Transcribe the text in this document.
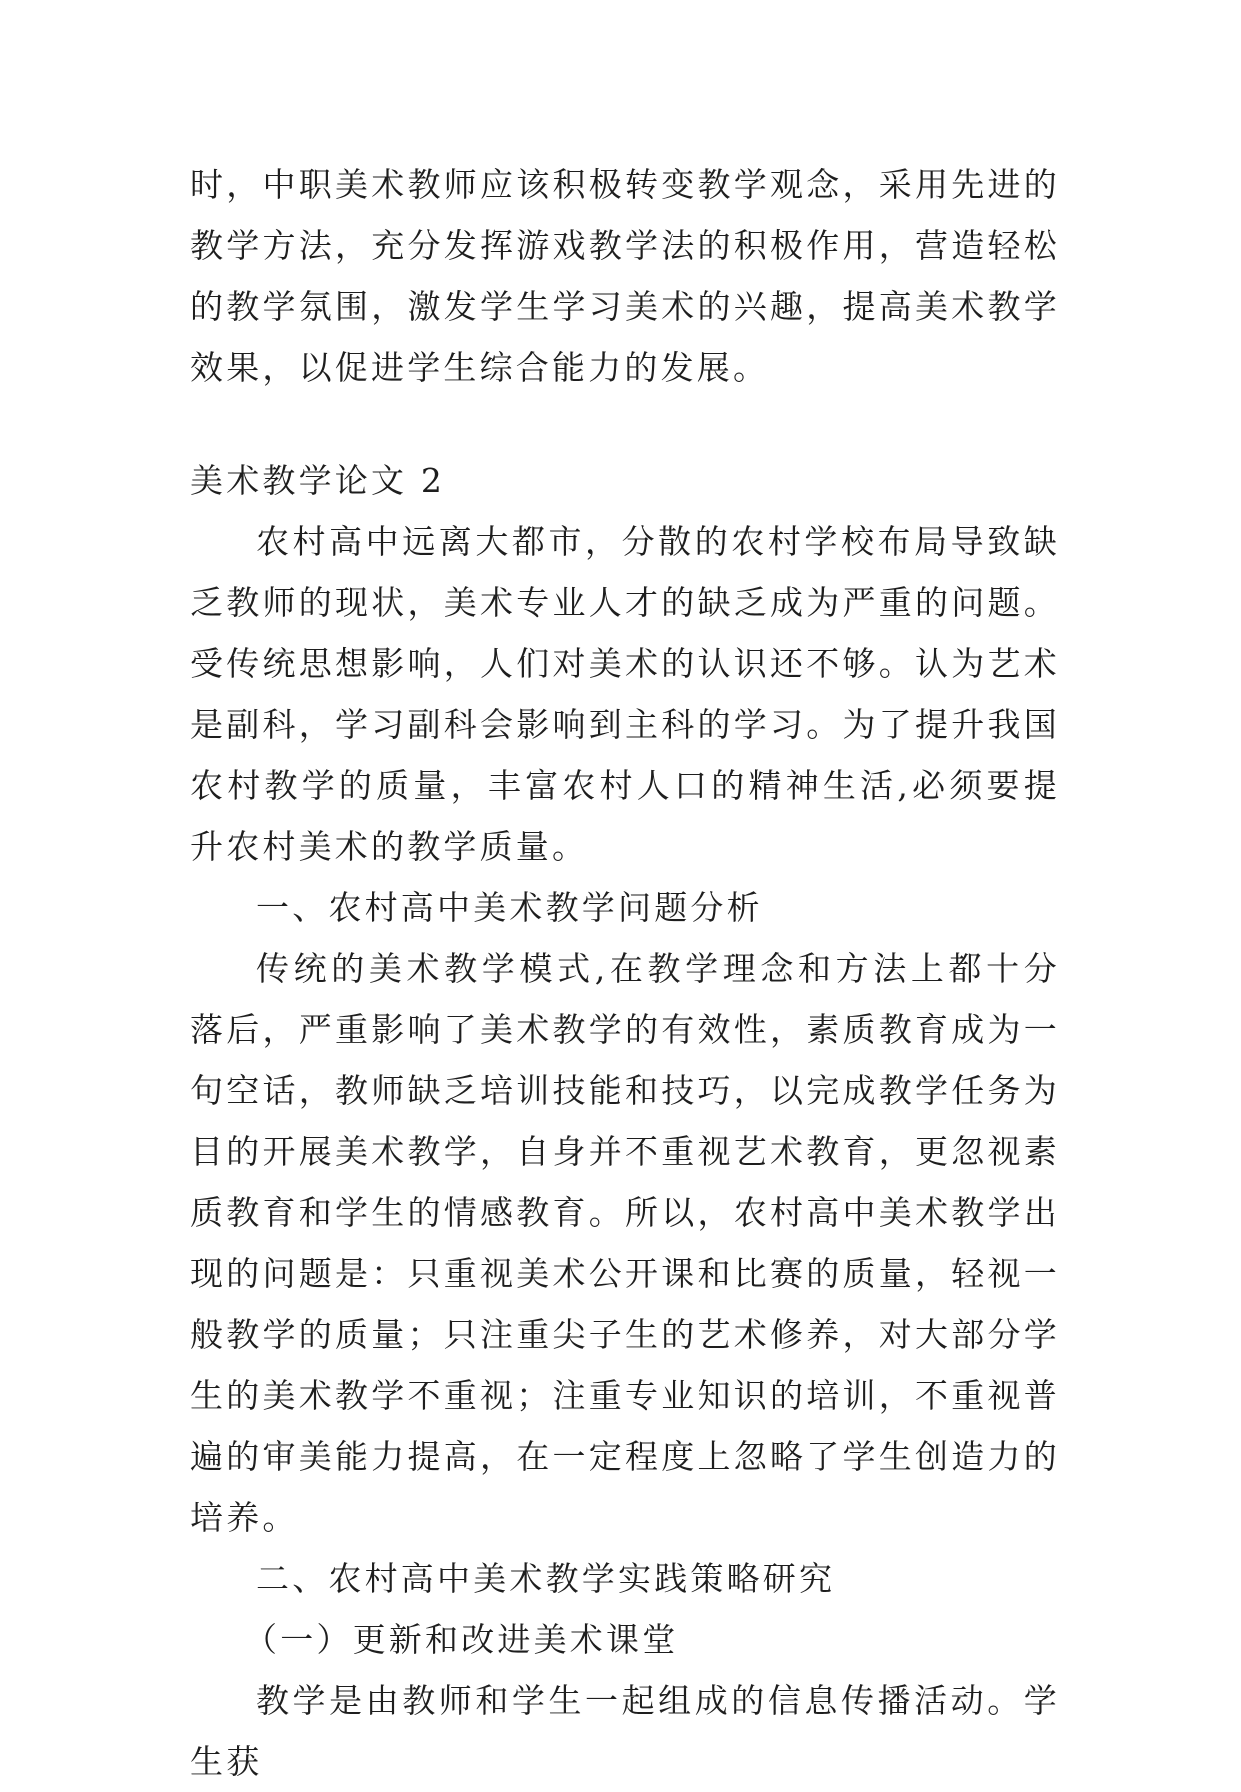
时，中职美术教师应该积极转变教学观念，采用先进的教学方法，充分发挥游戏教学法的积极作用，营造轻松的教学氛围，激发学生学习美术的兴趣，提高美术教学效果，以促进学生综合能力的发展。

美术教学论文 2

农村高中远离大都市，分散的农村学校布局导致缺乏教师的现状，美术专业人才的缺乏成为严重的问题。受传统思想影响，人们对美术的认识还不够。认为艺术是副科，学习副科会影响到主科的学习。为了提升我国农村教学的质量，丰富农村人口的精神生活,必须要提升农村美术的教学质量。

一、农村高中美术教学问题分析

传统的美术教学模式,在教学理念和方法上都十分落后，严重影响了美术教学的有效性，素质教育成为一句空话，教师缺乏培训技能和技巧，以完成教学任务为目的开展美术教学，自身并不重视艺术教育，更忽视素质教育和学生的情感教育。所以，农村高中美术教学出现的问题是：只重视美术公开课和比赛的质量，轻视一般教学的质量；只注重尖子生的艺术修养，对大部分学生的美术教学不重视；注重专业知识的培训，不重视普遍的审美能力提高，在一定程度上忽略了学生创造力的培养。

二、农村高中美术教学实践策略研究

（一）更新和改进美术课堂

教学是由教师和学生一起组成的信息传播活动。学生获
